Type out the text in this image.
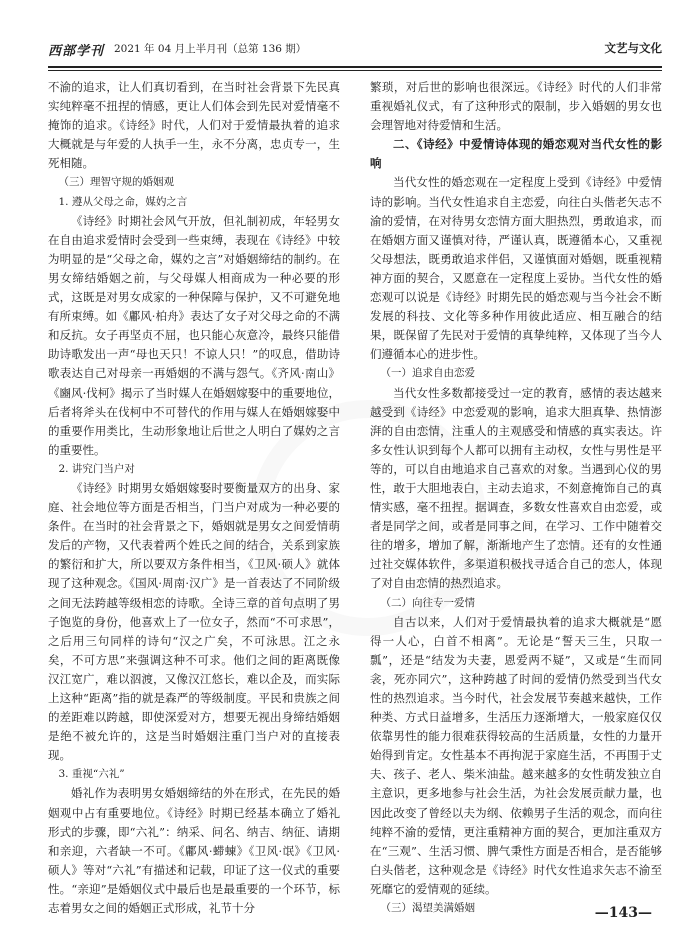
西部学刊 2021 年 04 月上半月刊（总第 136 期）	文艺与文化

不渝的追求，让人们真切看到，在当时社会背景下先民真实纯粹毫不扭捏的情感，更让人们体会到先民对爱情毫不掩饰的追求。《诗经》时代，人们对于爱情最执着的追求大概就是与年爱的人执手一生，永不分离，忠贞专一，生死相随。

（三）理智守规的婚姻观

1. 遵从父母之命，媒妁之言

《诗经》时期社会风气开放，但礼制初成，年轻男女在自由追求爱情时会受到一些束缚，表现在《诗经》中较为明显的是“父母之命，媒妁之言”对婚姻缔结的制约。在男女缔结婚姻之前，与父母媒人相商成为一种必要的形式，这既是对男女成家的一种保障与保护，又不可避免地有所束缚。如《鄘风·柏舟》表达了女子对父母之命的不满和反抗。女子再坚贞不屈，也只能心灰意冷，最终只能借助诗歌发出一声“母也天只！不谅人只！”的叹息，借助诗歌表达自己对母亲一再婚姻的不满与怨气。《齐风·南山》《豳风·伐柯》揭示了当时媒人在婚姻嫁娶中的重要地位，后者将斧头在伐柯中不可替代的作用与媒人在婚姻嫁娶中的重要作用类比，生动形象地让后世之人明白了媒妁之言的重要性。

2. 讲究门当户对

《诗经》时期男女婚姻嫁娶时要衡量双方的出身、家庭、社会地位等方面是否相当，门当户对成为一种必要的条件。在当时的社会背景之下，婚姻就是男女之间爱情萌发后的产物，又代表着两个姓氏之间的结合，关系到家族的繁衍和扩大，所以要双方条件相当，《卫风·硕人》就体现了这种观念。《国风·周南·汉广》是一首表达了不同阶级之间无法跨越等级相恋的诗歌。全诗三章的首句点明了男子饱览的身份，他喜欢上了一位女子，然而“不可求思”，之后用三句同样的诗句“汉之广矣，不可泳思。江之永矣，不可方思”来强调这种不可求。他们之间的距离既像汉江宽广，难以泅渡，又像汉江悠长，难以企及，而实际上这种“距离”指的就是森严的等级制度。平民和贵族之间的差距难以跨越，即使深爱对方，想要无视出身缔结婚姻是绝不被允许的，这是当时婚姻注重门当户对的直接表现。

3. 重视“六礼”

婚礼作为表明男女婚姻缔结的外在形式，在先民的婚姻观中占有重要地位。《诗经》时期已经基本确立了婚礼形式的步骤，即“六礼”：纳采、问名、纳吉、纳征、请期和亲迎，六者缺一不可。《鄘风·䗖蝀》《卫风·氓》《卫风·硕人》等对“六礼”有描述和记载，印证了这一仪式的重要性。“亲迎”是婚姻仪式中最后也是最重要的一个环节，标志着男女之间的婚姻正式形成，礼节十分

繁琐，对后世的影响也很深远。《诗经》时代的人们非常重视婚礼仪式，有了这种形式的限制，步入婚姻的男女也会理智地对待爱情和生活。

二、《诗经》中爱情诗体现的婚恋观对当代女性的影响

当代女性的婚恋观在一定程度上受到《诗经》中爱情诗的影响。当代女性追求自主恋爱，向往白头偕老矢志不渝的爱情，在对待男女恋情方面大胆热烈，勇敢追求，而在婚姻方面又谨慎对待，严谨认真，既遵循本心，又重视父母想法，既勇敢追求伴侣，又谨慎面对婚姻，既重视精神方面的契合，又愿意在一定程度上妥协。当代女性的婚恋观可以说是《诗经》时期先民的婚恋观与当今社会不断发展的科技、文化等多种作用彼此适应、相互融合的结果，既保留了先民对于爱情的真挚纯粹，又体现了当今人们遵循本心的进步性。

（一）追求自由恋爱

当代女性多数都接受过一定的教育，感情的表达越来越受到《诗经》中恋爱观的影响，追求大胆真挚、热情澎湃的自由恋情，注重人的主观感受和情感的真实表达。许多女性认识到每个人都可以拥有主动权，女性与男性是平等的，可以自由地追求自己喜欢的对象。当遇到心仪的男性，敢于大胆地表白，主动去追求，不刻意掩饰自己的真情实感，毫不扭捏。据调查，多数女性喜欢自由恋爱，或者是同学之间，或者是同事之间，在学习、工作中随着交往的增多，增加了解，渐渐地产生了恋情。还有的女性通过社交媒体软件，多渠道积极找寻适合自己的恋人，体现了对自由恋情的热烈追求。

（二）向往专一爱情

自古以来，人们对于爱情最执着的追求大概就是“愿得一人心，白首不相离”。无论是“誓天三生，只取一瓢”，还是“结发为夫妻，恩爱两不疑”，又或是“生而同衾，死亦同穴”，这种跨越了时间的爱情仍然受到当代女性的热烈追求。当今时代，社会发展节奏越来越快，工作种类、方式日益增多，生活压力逐渐增大，一般家庭仅仅依靠男性的能力很难获得较高的生活质量，女性的力量开始得到肯定。女性基本不再拘泥于家庭生活，不再围于丈夫、孩子、老人、柴米油盐。越来越多的女性萌发独立自主意识，更多地参与社会生活，为社会发展贡献力量，也因此改变了曾经以夫为纲、依赖男子生活的观念，而向往纯粹不渝的爱情，更注重精神方面的契合，更加注重双方在“三观”、生活习惯、脾气秉性方面是否相合，是否能够白头偕老，这种观念是《诗经》时代女性追求矢志不渝至死靡它的爱情观的延续。

（三）渴望美满婚姻	—143—
